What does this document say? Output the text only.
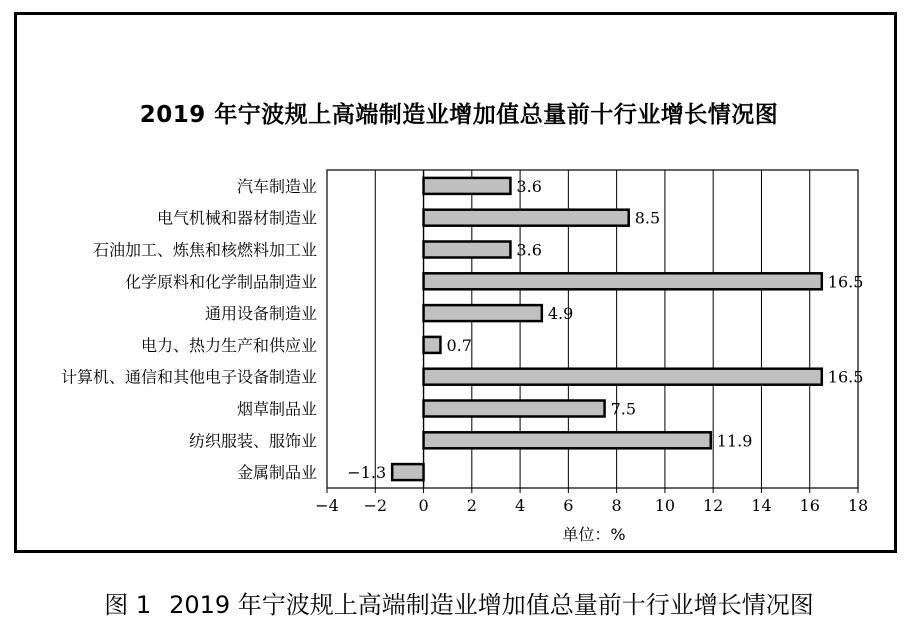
−4 −2 0 2 4 6 8 10 12 14 16 18
单位：%
汽车制造业	3.6
电气机械和器材制造业	8.5
石油加工、炼焦和核燃料加工业	3.6
化学原料和化学制品制造业	16.5
通用设备制造业	4.9
电力、热力生产和供应业	0.7
计算机、通信和其他电子设备制造业	16.5
烟草制品业	7.5
纺织服装、服饰业	11.9
金属制品业 −1.3
2019 年宁波规上高端制造业增加值总量前十行业增长情况图
图 1 2019 年宁波规上高端制造业增加值总量前十行业增长情况图
